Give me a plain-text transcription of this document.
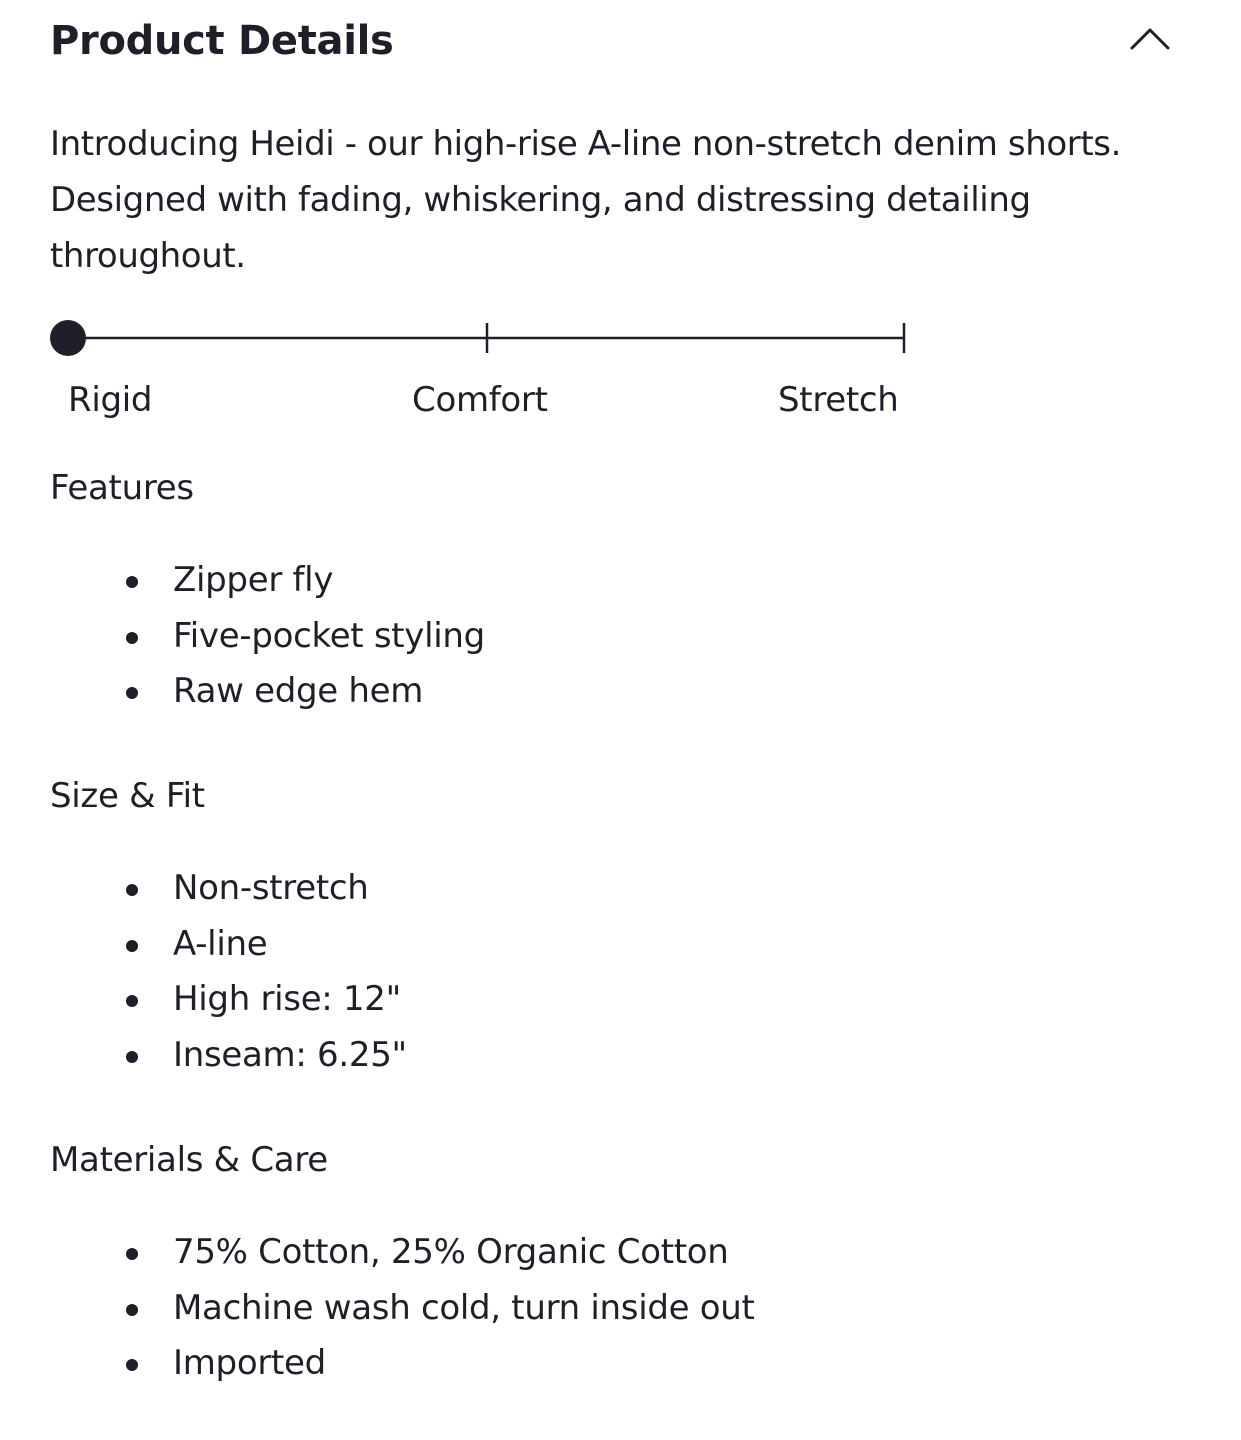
Product Details

Introducing Heidi - our high-rise A-line non-stretch denim shorts. Designed with fading, whiskering, and distressing detailing throughout.

Rigid	Comfort	Stretch
Features
Zipper fly
Five-pocket styling
Raw edge hem
Size & Fit
Non-stretch
A-line
High rise: 12"
Inseam: 6.25"
Materials & Care
75% Cotton, 25% Organic Cotton
Machine wash cold, turn inside out
Imported
